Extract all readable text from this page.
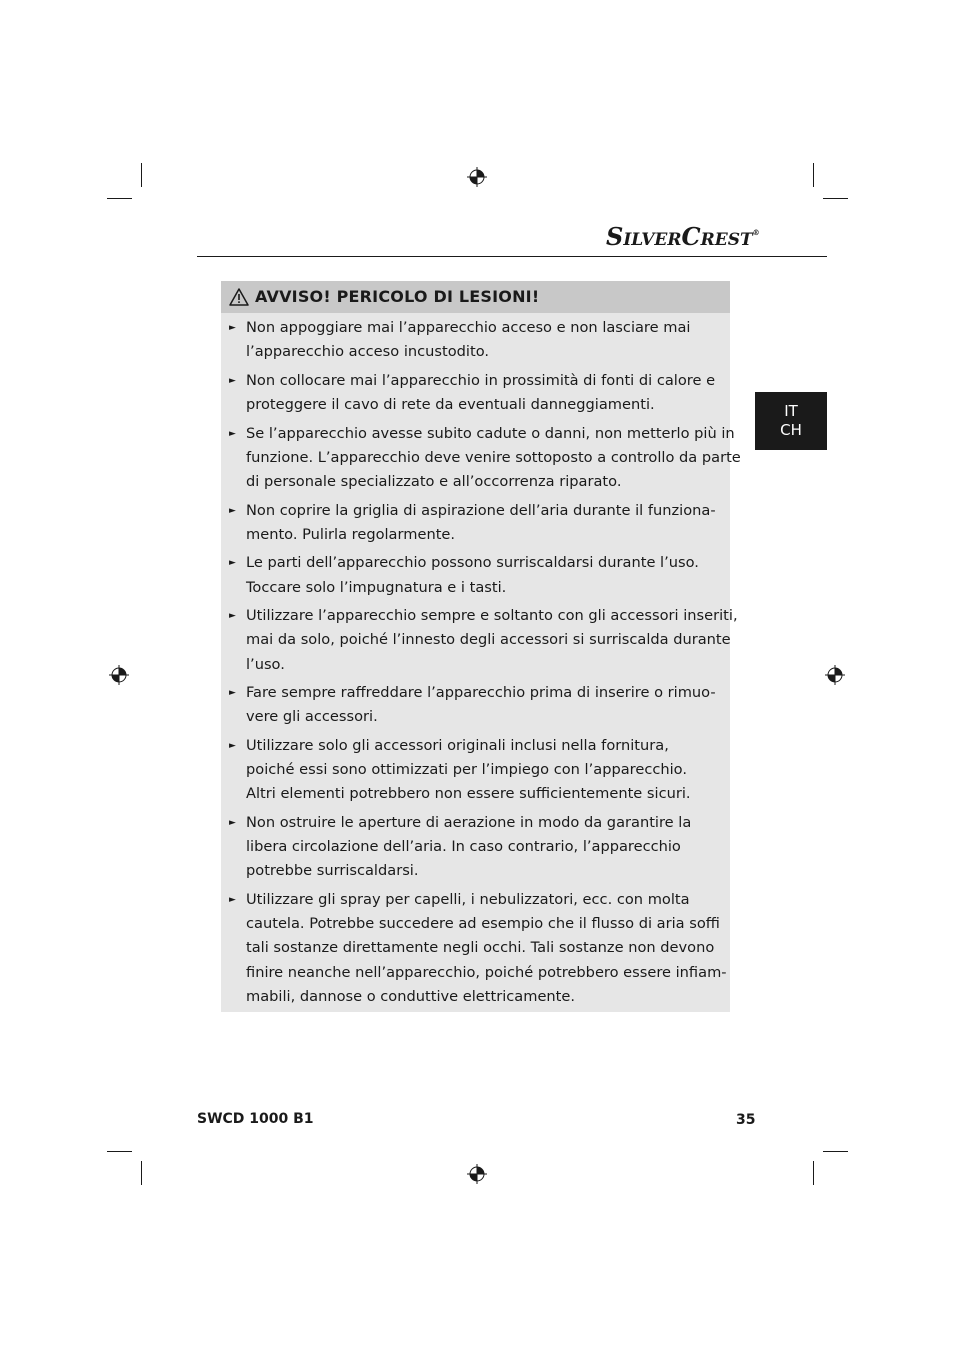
SILVERCREST®
IT
CH
AVVISO! PERICOLO DI LESIONI!
► Non appoggiare mai l’apparecchio acceso e non lasciare mai
l’apparecchio acceso incustodito.
► Non collocare mai l’apparecchio in prossimità di fonti di calore e
proteggere il cavo di rete da eventuali danneggiamenti.
► Se l’apparecchio avesse subito cadute o danni, non metterlo più in
funzione. L’apparecchio deve venire sottoposto a controllo da parte
di personale specializzato e all’occorrenza riparato.
► Non coprire la griglia di aspirazione dell’aria durante il funziona-
mento. Pulirla regolarmente.
► Le parti dell’apparecchio possono surriscaldarsi durante l’uso.
Toccare solo l’impugnatura e i tasti.
► Utilizzare l’apparecchio sempre e soltanto con gli accessori inseriti,
mai da solo, poiché l’innesto degli accessori si surriscalda durante
l’uso.
► Fare sempre raffreddare l’apparecchio prima di inserire o rimuo-
vere gli accessori.
► Utilizzare solo gli accessori originali inclusi nella fornitura,
poiché essi sono ottimizzati per l’impiego con l’apparecchio.
Altri elementi potrebbero non essere sufficientemente sicuri.
► Non ostruire le aperture di aerazione in modo da garantire la
libera circolazione dell’aria. In caso contrario, l’apparecchio
potrebbe surriscaldarsi.
► Utilizzare gli spray per capelli, i nebulizzatori, ecc. con molta
cautela. Potrebbe succedere ad esempio che il flusso di aria soffi
tali sostanze direttamente negli occhi. Tali sostanze non devono
finire neanche nell’apparecchio, poiché potrebbero essere infiam-
mabili, dannose o conduttive elettricamente.
SWCD 1000 B1	35
